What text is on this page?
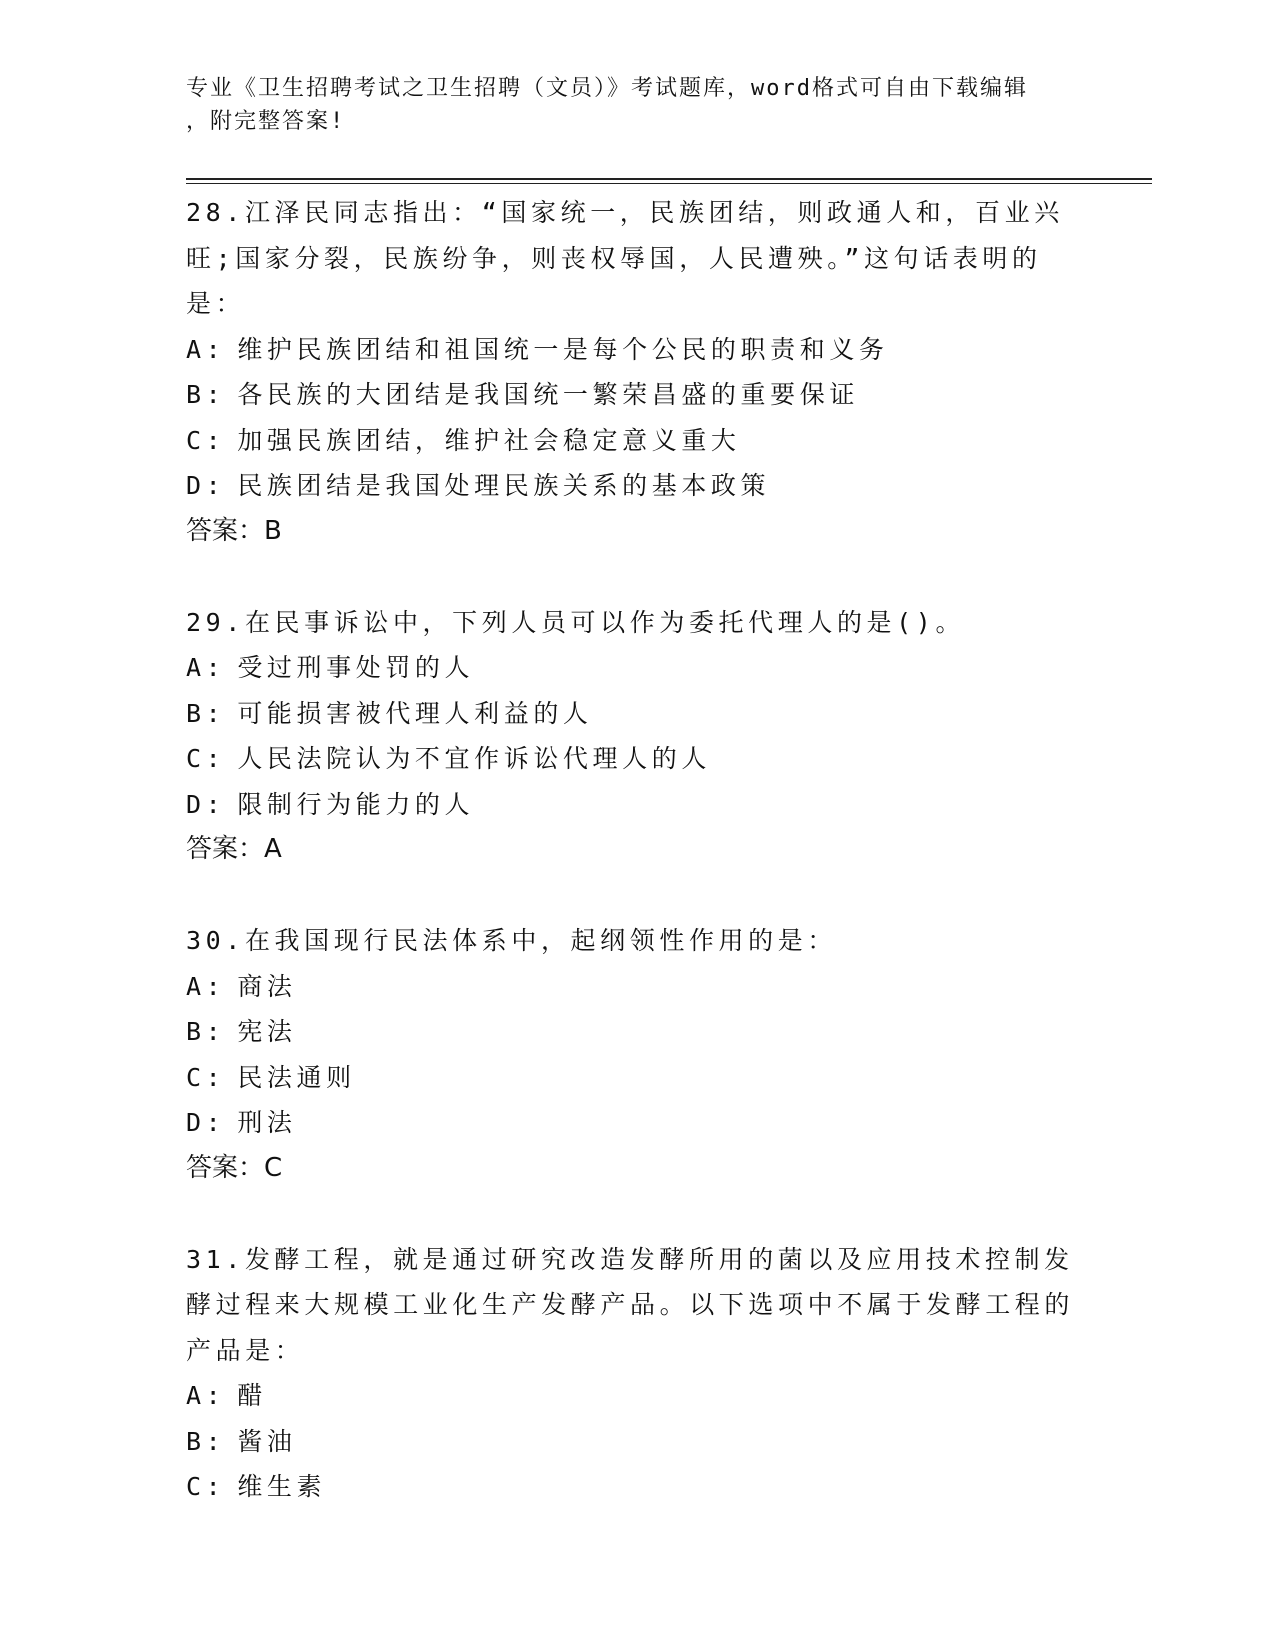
专业《卫生招聘考试之卫生招聘（文员）》考试题库，word格式可自由下载编辑
，附完整答案!
28.江泽民同志指出：“国家统一，民族团结，则政通人和，百业兴旺;国家分裂，民族纷争，则丧权辱国，人民遭殃。”这句话表明的是：
A: 维护民族团结和祖国统一是每个公民的职责和义务
B: 各民族的大团结是我国统一繁荣昌盛的重要保证
C: 加强民族团结，维护社会稳定意义重大
D: 民族团结是我国处理民族关系的基本政策
答案：B
29.在民事诉讼中，下列人员可以作为委托代理人的是()。
A: 受过刑事处罚的人
B: 可能损害被代理人利益的人
C: 人民法院认为不宜作诉讼代理人的人
D: 限制行为能力的人
答案：A
30.在我国现行民法体系中，起纲领性作用的是：
A: 商法
B: 宪法
C: 民法通则
D: 刑法
答案：C
31.发酵工程，就是通过研究改造发酵所用的菌以及应用技术控制发酵过程来大规模工业化生产发酵产品。以下选项中不属于发酵工程的产品是：
A: 醋
B: 酱油
C: 维生素
